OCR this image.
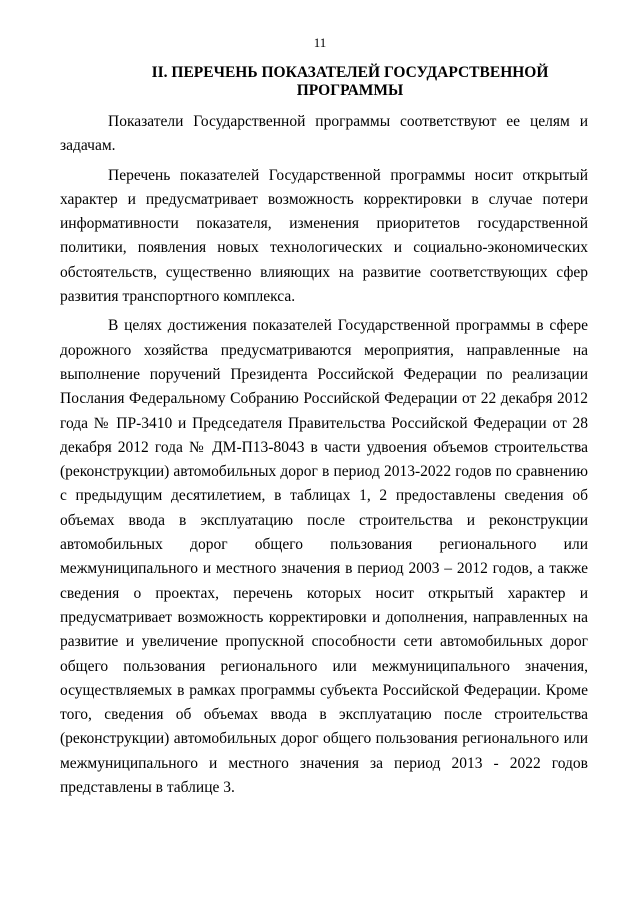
11
II. ПЕРЕЧЕНЬ ПОКАЗАТЕЛЕЙ ГОСУДАРСТВЕННОЙ
ПРОГРАММЫ

Показатели Государственной программы соответствуют ее целям и задачам.

Перечень показателей Государственной программы носит открытый характер и предусматривает возможность корректировки в случае потери информативности показателя, изменения приоритетов государственной политики, появления новых технологических и социально-экономических обстоятельств, существенно влияющих на развитие соответствующих сфер развития транспортного комплекса.

В целях достижения показателей Государственной программы в сфере дорожного хозяйства предусматриваются мероприятия, направленные на выполнение поручений Президента Российской Федерации по реализации Послания Федеральному Собранию Российской Федерации от 22 декабря 2012 года № ПР-3410 и Председателя Правительства Российской Федерации от 28 декабря 2012 года № ДМ-П13-8043 в части удвоения объемов строительства (реконструкции) автомобильных дорог в период 2013-2022 годов по сравнению с предыдущим десятилетием, в таблицах 1, 2 предоставлены сведения об объемах ввода в эксплуатацию после строительства и реконструкции автомобильных дорог общего пользования регионального или межмуниципального и местного значения в период 2003 – 2012 годов, а также сведения о проектах, перечень которых носит открытый характер и предусматривает возможность корректировки и дополнения, направленных на развитие и увеличение пропускной способности сети автомобильных дорог общего пользования регионального или межмуниципального значения, осуществляемых в рамках программы субъекта Российской Федерации. Кроме того, сведения об объемах ввода в эксплуатацию после строительства (реконструкции) автомобильных дорог общего пользования регионального или межмуниципального и местного значения за период 2013 - 2022 годов представлены в таблице 3.
